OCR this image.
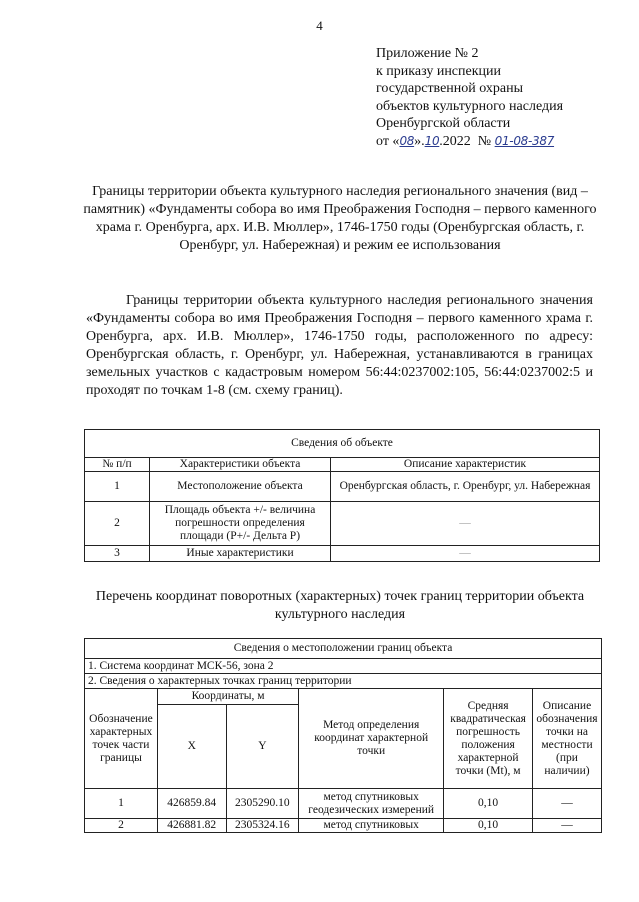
4
Приложение № 2
к приказу инспекции
государственной охраны
объектов культурного наследия
Оренбургской области
от «08».10.2022 № 01-08-387
Границы территории объекта культурного наследия регионального значения (вид – памятник) «Фундаменты собора во имя Преображения Господня – первого каменного храма г. Оренбурга, арх. И.В. Мюллер», 1746-1750 годы (Оренбургская область, г. Оренбург, ул. Набережная) и режим ее использования
Границы территории объекта культурного наследия регионального значения «Фундаменты собора во имя Преображения Господня – первого каменного храма г. Оренбурга, арх. И.В. Мюллер», 1746-1750 годы, расположенного по адресу: Оренбургская область, г. Оренбург, ул. Набережная, устанавливаются в границах земельных участков с кадастровым номером 56:44:0237002:105, 56:44:0237002:5 и проходят по точкам 1-8 (см. схему границ).
Сведения об объекте		
№ п/п	Характеристики объекта	Описание характеристик
1	Местоположение объекта	Оренбургская область, г. Оренбург, ул. Набережная
2	Площадь объекта +/- величина погрешности определения площади (P+/- Дельта P)	—
3	Иные характеристики	—
Перечень координат поворотных (характерных) точек границ территории объекта культурного наследия
Сведения о местоположении границ объекта					
1. Система координат МСК-56, зона 2					
2. Сведения о характерных точках границ территории					
Обозначение характерных точек части границы	Координаты, м		Метод определения координат характерной точки	Средняя квадратическая погрешность положения характерной точки (Mt), м	Описание обозначения точки на местности (при наличии)
	X	Y			
1	426859.84	2305290.10	метод спутниковых геодезических измерений	0,10	—
2	426881.82	2305324.16	метод спутниковых	0,10	—
